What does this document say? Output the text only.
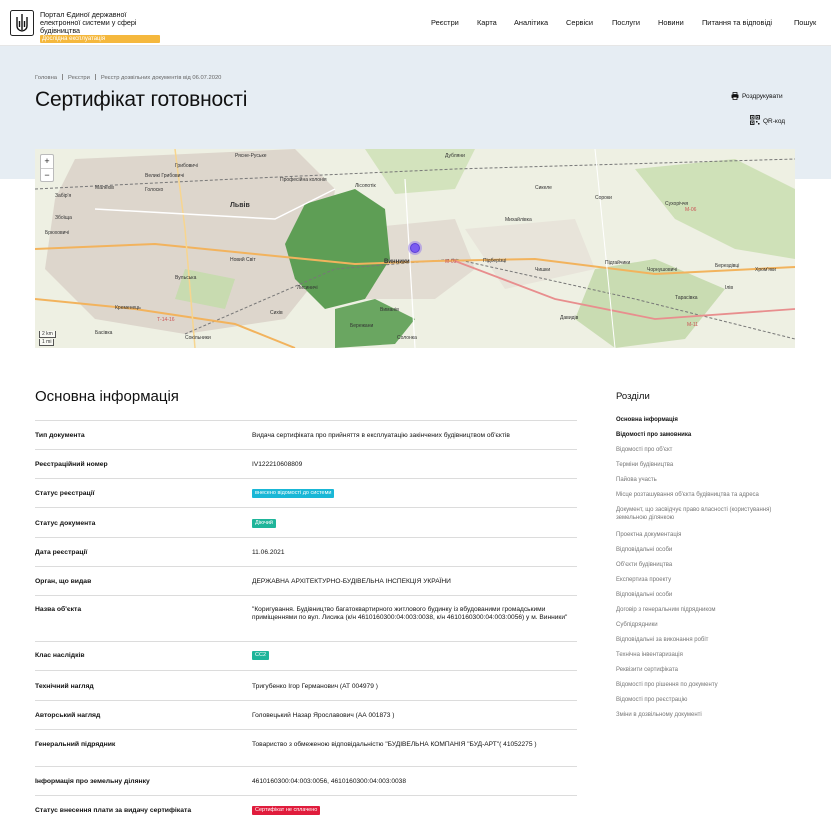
Портал Єдиної державної
електронної системи у сфері
будівництва
Дослідна експлуатація
Реєстри Карта Аналітика Сервіси	Послуги Новини Питання та відповіді	Пошук
Головна Реєстри Реєстр дозвільних документів від 06.07.2020
Сертифікат готовності	Роздрукувати
QR-код
Рясне-Руське
Грибовичі
Дубляни
Великі Грибовичі
Лісопотік
Малехів
Забір'я
Голоско
Збоїща
Новий Світ
Вульська
Професійна колонія
Сихів
Львів
Лисиничі
Винники	Підберізці
Чишки
Михайлівка
Підгайчики
Сороки
Берездівці
Сухоріччя
Брюховичі
Кременець
Чорнушовичі	Хром'яки
Ілів
Тарасівка
Давидів
Солонка
Виманів
Бережани
Сокільники
Басівка
М-06
М-09
Т-14-16
М-11
Сикеле
+
−
2 km
1 mi
Основна інформація
Тип документа	Видача сертифіката про прийняття в експлуатацію закінчених будівництвом об'єктів
Реєстраційний номер	IV122210608809
Статус реєстрації	внесено відомості до системи
Статус документа	Діючий
Дата реєстрації	11.06.2021
Орган, що видав	ДЕРЖАВНА АРХІТЕКТУРНО-БУДІВЕЛЬНА ІНСПЕКЦІЯ УКРАЇНИ
Назва об'єкта	"Коригування. Будівництво багатоквартирного житлового будинку із вбудованими громадськими приміщеннями по вул. Лисика (к/н 4610160300:04:003:0038, к/н 4610160300:04:003:0056) у м. Винники"
Клас наслідків	СС2
Технічний нагляд	Тригубенко Ігор Германович (АТ 004979 )
Авторський нагляд	Головецький Назар Ярославович (АА 001873 )
Генеральний підрядник	Товариство з обмеженою відповідальністю "БУДІВЕЛЬНА КОМПАНІЯ "БУД-АРТ"( 41052275 )
Інформація про земельну ділянку	4610160300:04:003:0056, 4610160300:04:003:0038
Статус внесення плати за видачу сертифіката	Сертифікат не сплачено
Розділи
Основна інформація
Відомості про замовника
Відомості про об'єкт
Терміни будівництва
Пайова участь
Місце розташування об'єкта будівництва та адреса
Документ, що засвідчує право власності (користування) земельною ділянкою
Проектна документація
Відповідальні особи
Об'єкти будівництва
Експертиза проекту
Відповідальні особи
Договір з генеральним підрядником
Субпідрядники
Відповідальні за виконання робіт
Технічна інвентаризація
Реквізити сертифіката
Відомості про рішення по документу
Відомості про реєстрацію
Зміни в дозвільному документі
